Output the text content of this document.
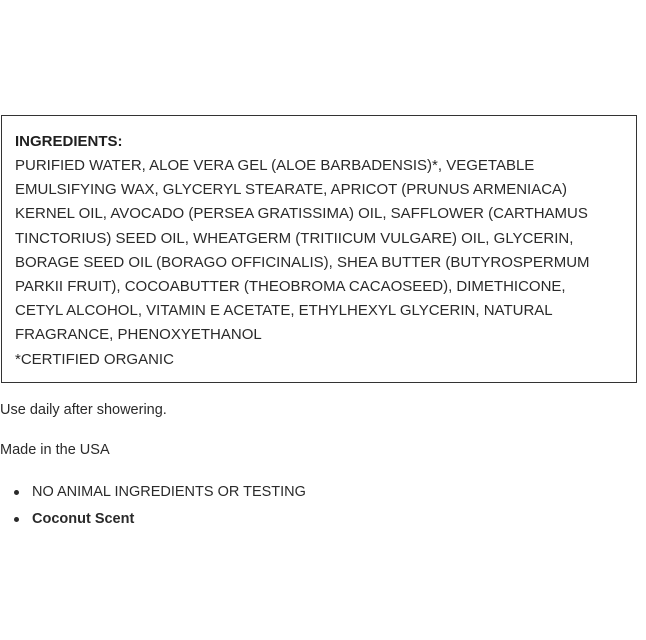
INGREDIENTS:

PURIFIED WATER, ALOE VERA GEL (ALOE BARBADENSIS)*, VEGETABLE

EMULSIFYING WAX, GLYCERYL STEARATE, APRICOT (PRUNUS ARMENIACA)

KERNEL OIL, AVOCADO (PERSEA GRATISSIMA) OIL, SAFFLOWER (CARTHAMUS

TINCTORIUS) SEED OIL, WHEATGERM (TRITIICUM VULGARE) OIL, GLYCERIN,

BORAGE SEED OIL (BORAGO OFFICINALIS), SHEA BUTTER (BUTYROSPERMUM

PARKII FRUIT), COCOABUTTER (THEOBROMA CACAOSEED), DIMETHICONE,

CETYL ALCOHOL, VITAMIN E ACETATE, ETHYLHEXYL GLYCERIN, NATURAL

FRAGRANCE, PHENOXYETHANOL

*CERTIFIED ORGANIC

Use daily after showering.

Made in the USA

NO ANIMAL INGREDIENTS OR TESTING
Coconut Scent
